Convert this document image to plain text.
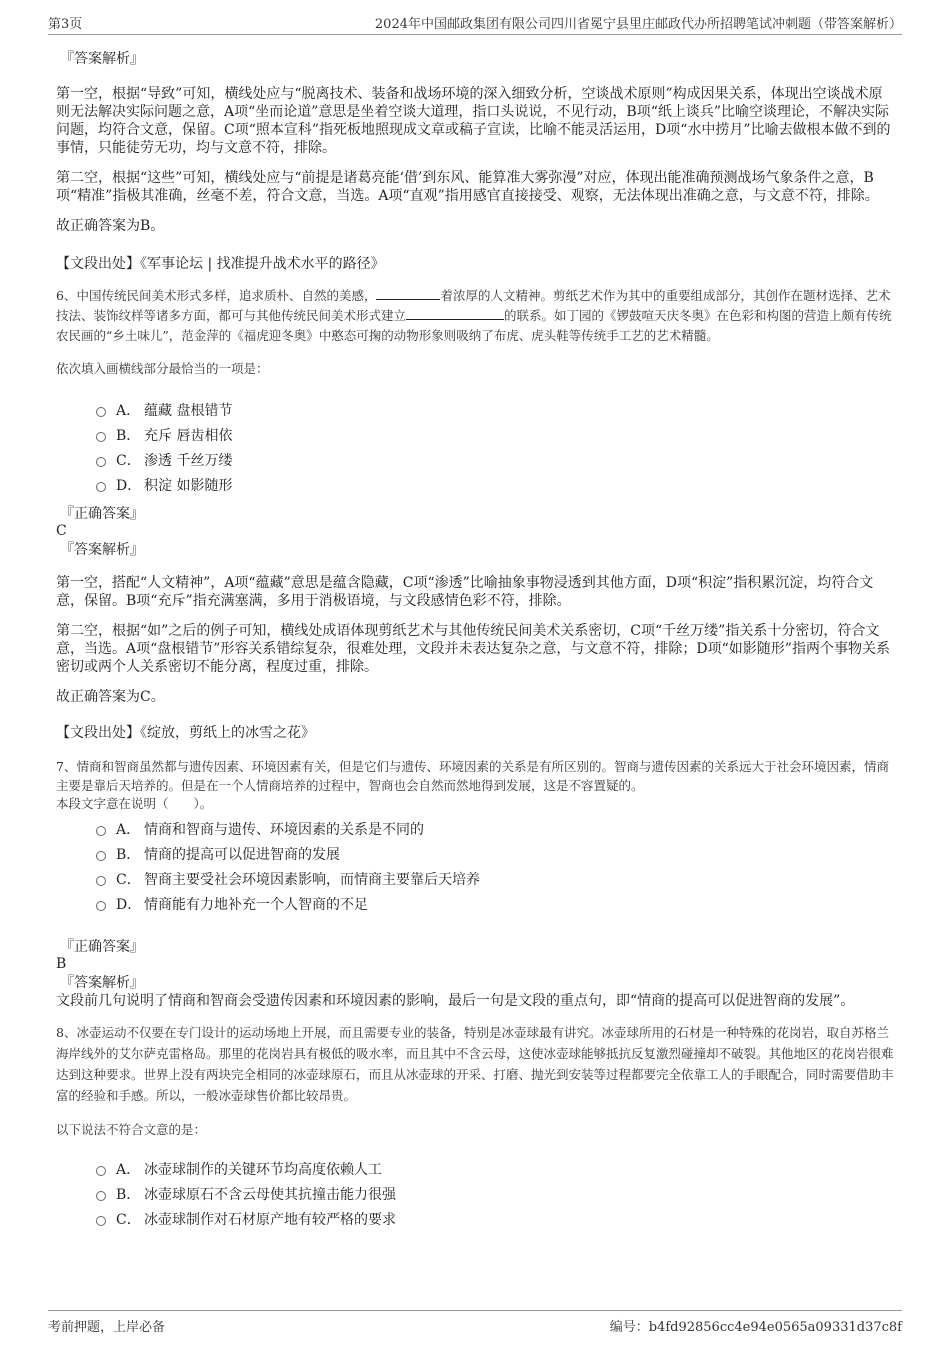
第3页	2024年中国邮政集团有限公司四川省冕宁县里庄邮政代办所招聘笔试冲刺题（带答案解析）

『答案解析』

第一空，根据“导致”可知，横线处应与“脱离技术、装备和战场环境的深入细致分析，空谈战术原则”构成因果关系，体现出空谈战术原则无法解决实际问题之意，A项“坐而论道”意思是坐着空谈大道理，指口头说说，不见行动，B项“纸上谈兵”比喻空谈理论，不解决实际问题，均符合文意，保留。C项“照本宣科”指死板地照现成文章或稿子宣读，比喻不能灵活运用，D项“水中捞月”比喻去做根本做不到的事情，只能徒劳无功，均与文意不符，排除。

第二空，根据“这些”可知，横线处应与“前提是诸葛亮能‘借’到东风、能算准大雾弥漫”对应，体现出能准确预测战场气象条件之意，B项“精准”指极其准确，丝毫不差，符合文意，当选。A项“直观”指用感官直接接受、观察，无法体现出准确之意，与文意不符，排除。

故正确答案为B。

【文段出处】《军事论坛 | 找准提升战术水平的路径》

6、中国传统民间美术形式多样，追求质朴、自然的美感，	着浓厚的人文精神。剪纸艺术作为其中的重要组成部分，其创作在题材选择、艺术技法、装饰纹样等诸多方面，都可与其他传统民间美术形式建立	的联系。如丁园的《锣鼓喧天庆冬奥》在色彩和构图的营造上颇有传统农民画的“乡土味儿”，范金萍的《福虎迎冬奥》中憨态可掬的动物形象则吸纳了布虎、虎头鞋等传统手工艺的艺术精髓。

依次填入画横线部分最恰当的一项是：

A． 蕴藏 盘根错节
B． 充斥 唇齿相依
C． 渗透 千丝万缕
D． 积淀 如影随形

『正确答案』

C

『答案解析』

第一空，搭配“人文精神”，A项“蕴藏”意思是蕴含隐藏，C项“渗透”比喻抽象事物浸透到其他方面，D项“积淀”指积累沉淀，均符合文意，保留。B项“充斥”指充满塞满，多用于消极语境，与文段感情色彩不符，排除。

第二空，根据“如”之后的例子可知，横线处成语体现剪纸艺术与其他传统民间美术关系密切，C项“千丝万缕”指关系十分密切，符合文意，当选。A项“盘根错节”形容关系错综复杂，很难处理，文段并未表达复杂之意，与文意不符，排除；D项“如影随形”指两个事物关系密切或两个人关系密切不能分离，程度过重，排除。

故正确答案为C。

【文段出处】《绽放，剪纸上的冰雪之花》

7、情商和智商虽然都与遗传因素、环境因素有关，但是它们与遗传、环境因素的关系是有所区别的。智商与遗传因素的关系远大于社会环境因素，情商主要是靠后天培养的。但是在一个人情商培养的过程中，智商也会自然而然地得到发展，这是不容置疑的。

本段文字意在说明（　　）。

A． 情商和智商与遗传、环境因素的关系是不同的
B． 情商的提高可以促进智商的发展
C． 智商主要受社会环境因素影响，而情商主要靠后天培养
D． 情商能有力地补充一个人智商的不足

『正确答案』

B

『答案解析』

文段前几句说明了情商和智商会受遗传因素和环境因素的影响，最后一句是文段的重点句，即“情商的提高可以促进智商的发展”。

8、冰壶运动不仅要在专门设计的运动场地上开展，而且需要专业的装备，特别是冰壶球最有讲究。冰壶球所用的石材是一种特殊的花岗岩，取自苏格兰海岸线外的艾尔萨克雷格岛。那里的花岗岩具有极低的吸水率，而且其中不含云母，这使冰壶球能够抵抗反复激烈碰撞却不破裂。其他地区的花岗岩很难达到这种要求。世界上没有两块完全相同的冰壶球原石，而且从冰壶球的开采、打磨、抛光到安装等过程都要完全依靠工人的手眼配合，同时需要借助丰富的经验和手感。所以，一般冰壶球售价都比较昂贵。

以下说法不符合文意的是：

A． 冰壶球制作的关键环节均高度依赖人工
B． 冰壶球原石不含云母使其抗撞击能力很强
C． 冰壶球制作对石材原产地有较严格的要求
考前押题，上岸必备	编号：b4fd92856cc4e94e0565a09331d37c8f
